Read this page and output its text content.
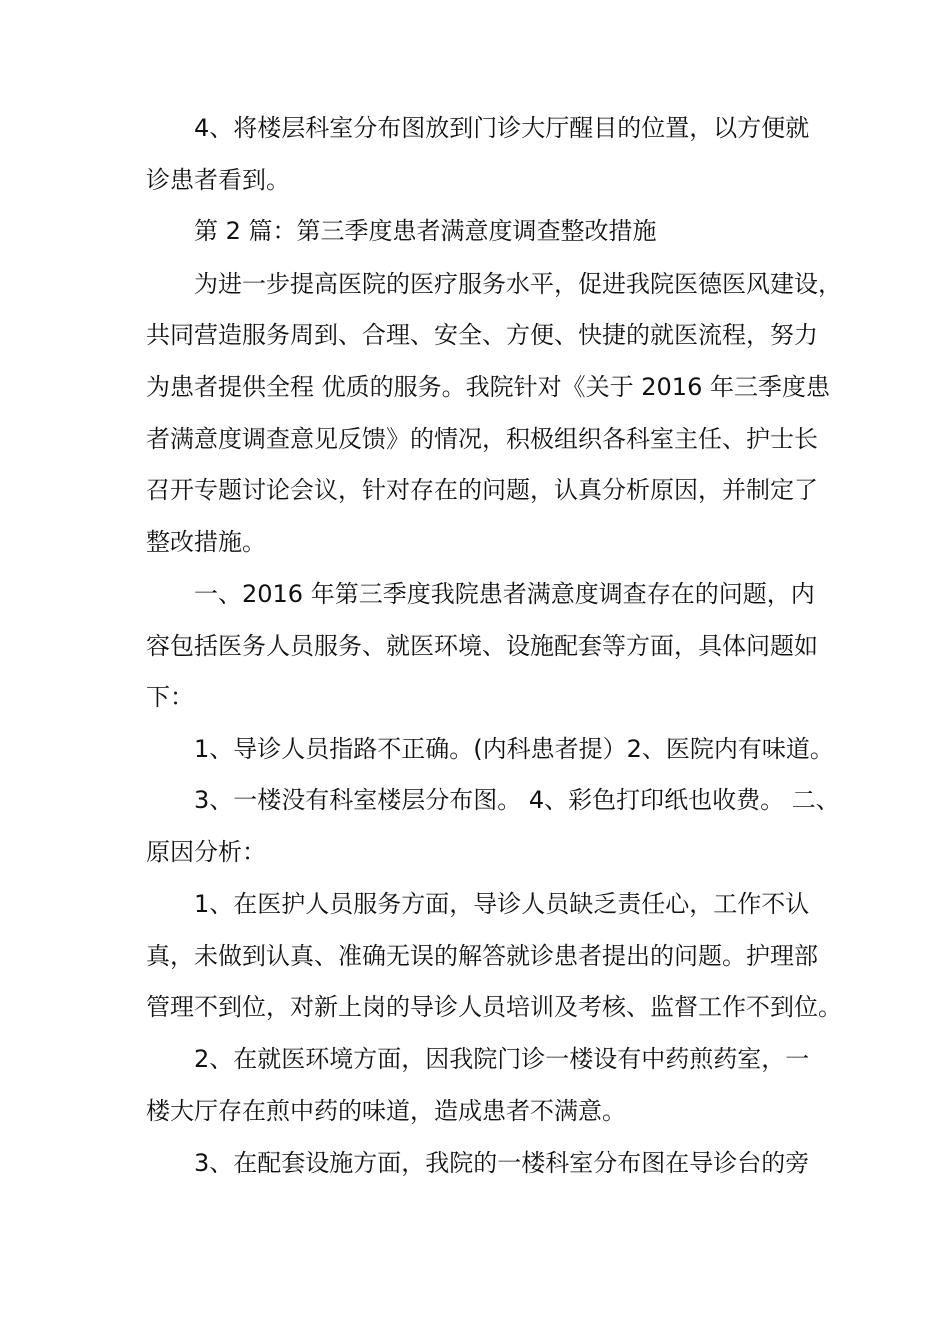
4、将楼层科室分布图放到门诊大厅醒目的位置，以方便就
诊患者看到。
第 2 篇：第三季度患者满意度调查整改措施
为进一步提高医院的医疗服务水平，促进我院医德医风建设，
共同营造服务周到、合理、安全、方便、快捷的就医流程，努力
为患者提供全程 优质的服务。我院针对《关于 2016 年三季度患
者满意度调查意见反馈》的情况，积极组织各科室主任、护士长
召开专题讨论会议，针对存在的问题，认真分析原因，并制定了
整改措施。
一、2016 年第三季度我院患者满意度调查存在的问题，内
容包括医务人员服务、就医环境、设施配套等方面，具体问题如
下：
1、导诊人员指路不正确。(内科患者提）2、医院内有味道。
3、一楼没有科室楼层分布图。 4、彩色打印纸也收费。 二、
原因分析：
1、在医护人员服务方面，导诊人员缺乏责任心，工作不认
真，未做到认真、准确无误的解答就诊患者提出的问题。护理部
管理不到位，对新上岗的导诊人员培训及考核、监督工作不到位。
2、在就医环境方面，因我院门诊一楼设有中药煎药室，一
楼大厅存在煎中药的味道，造成患者不满意。
3、在配套设施方面，我院的一楼科室分布图在导诊台的旁
